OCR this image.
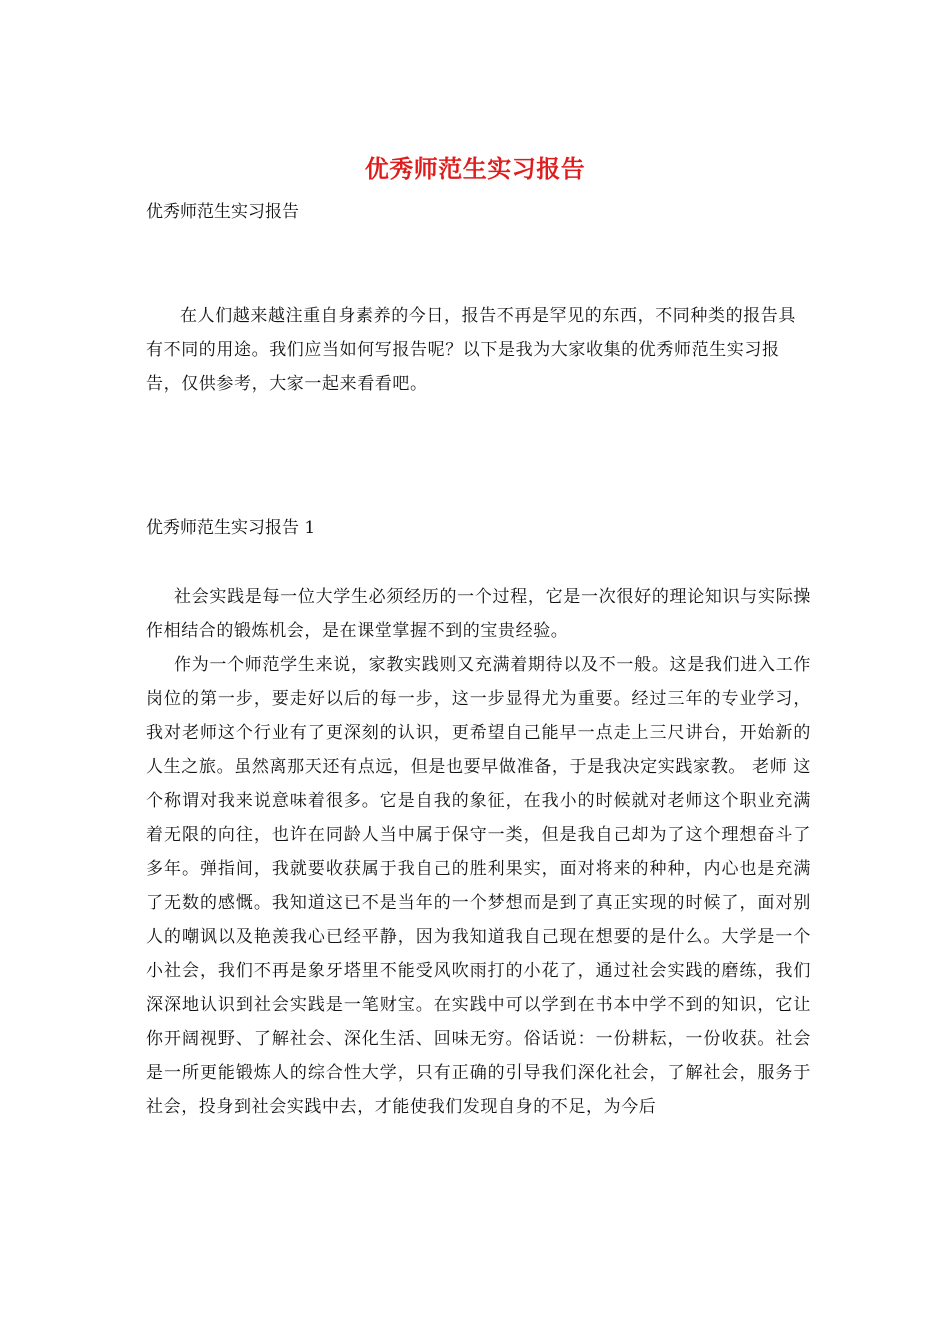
优秀师范生实习报告
优秀师范生实习报告

在人们越来越注重自身素养的今日，报告不再是罕见的东西，不同种类的报告具有不同的用途。我们应当如何写报告呢？以下是我为大家收集的优秀师范生实习报告，仅供参考，大家一起来看看吧。

优秀师范生实习报告 1

社会实践是每一位大学生必须经历的一个过程，它是一次很好的理论知识与实际操作相结合的锻炼机会，是在课堂掌握不到的宝贵经验。

作为一个师范学生来说，家教实践则又充满着期待以及不一般。这是我们进入工作岗位的第一步，要走好以后的每一步，这一步显得尤为重要。经过三年的专业学习，我对老师这个行业有了更深刻的认识，更希望自己能早一点走上三尺讲台，开始新的人生之旅。虽然离那天还有点远，但是也要早做准备，于是我决定实践家教。 老师 这个称谓对我来说意味着很多。它是自我的象征，在我小的时候就对老师这个职业充满着无限的向往，也许在同龄人当中属于保守一类，但是我自己却为了这个理想奋斗了多年。弹指间，我就要收获属于我自己的胜利果实，面对将来的种种，内心也是充满了无数的感慨。我知道这已不是当年的一个梦想而是到了真正实现的时候了，面对别人的嘲讽以及艳羡我心已经平静，因为我知道我自己现在想要的是什么。大学是一个小社会，我们不再是象牙塔里不能受风吹雨打的小花了，通过社会实践的磨练，我们深深地认识到社会实践是一笔财宝。在实践中可以学到在书本中学不到的知识，它让你开阔视野、了解社会、深化生活、回味无穷。俗话说：一份耕耘，一份收获。社会是一所更能锻炼人的综合性大学，只有正确的引导我们深化社会，了解社会，服务于社会，投身到社会实践中去，才能使我们发现自身的不足，为今后
